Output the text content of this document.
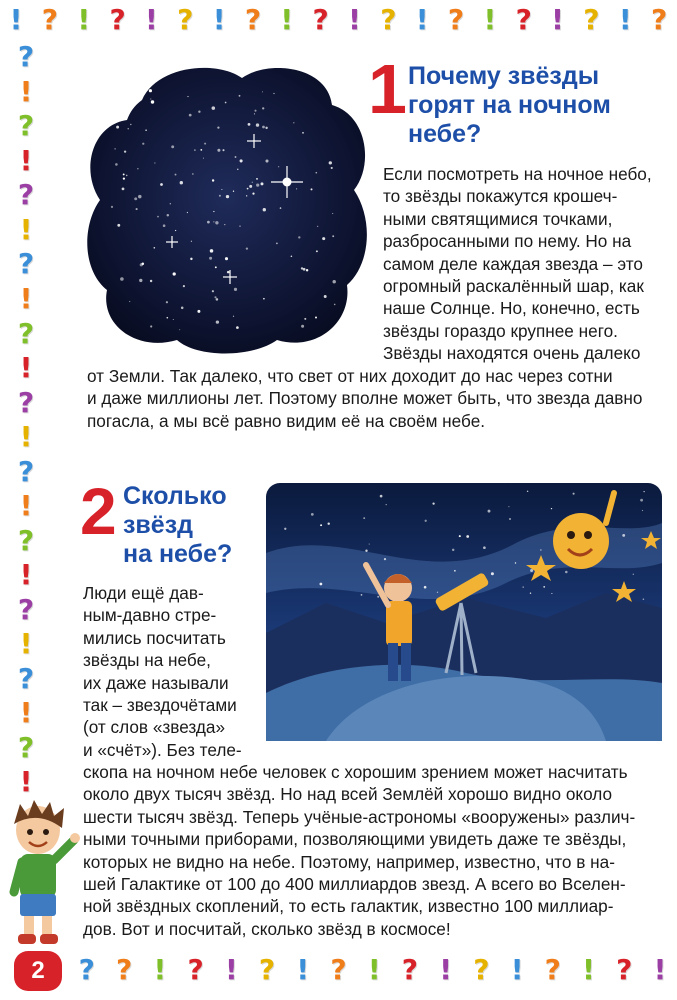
! ? ! ? ! ? ! ? ! ? ! ? ! ? ! ? ! ? ! ?
?
!
?
!
?
!
?
!
?
!
?
!
?
!
?
!
?
!
?
!
?
!
? ? ! ? ! ? ! ? ! ? ! ? ! ? ! ? !
1 Почему звёзды
горят на ночном
небе?
Если посмотреть на ночное небо,
то звёзды покажутся крошеч-
ными святящимися точками,
разбросанными по нему. Но на
самом деле каждая звезда – это
огромный раскалённый шар, как
наше Солнце. Но, конечно, есть
звёзды гораздо крупнее него.
Звёзды находятся очень далеко
от Земли. Так далеко, что свет от них доходит до нас через сотни
и даже миллионы лет. Поэтому вполне может быть, что звезда давно
погасла, а мы всё равно видим её на своём небе.
2 Сколько
звёзд
на небе?
Люди ещё дав-
ным-давно стре-
мились посчитать
звёзды на небе,
их даже называли
так – звездочётами
(от слов «звезда»
и «счёт»). Без теле-
скопа на ночном небе человек с хорошим зрением может насчитать
около двух тысяч звёзд. Но над всей Землёй хорошо видно около
шести тысяч звёзд. Теперь учёные-астрономы «вооружены» различ-
ными точными приборами, позволяющими увидеть даже те звёзды,
которых не видно на небе. Поэтому, например, известно, что в на-
шей Галактике от 100 до 400 миллиардов звезд. А всего во Вселен-
ной звёздных скоплений, то есть галактик, известно 100 миллиар-
дов. Вот и посчитай, сколько звёзд в космосе!
2
